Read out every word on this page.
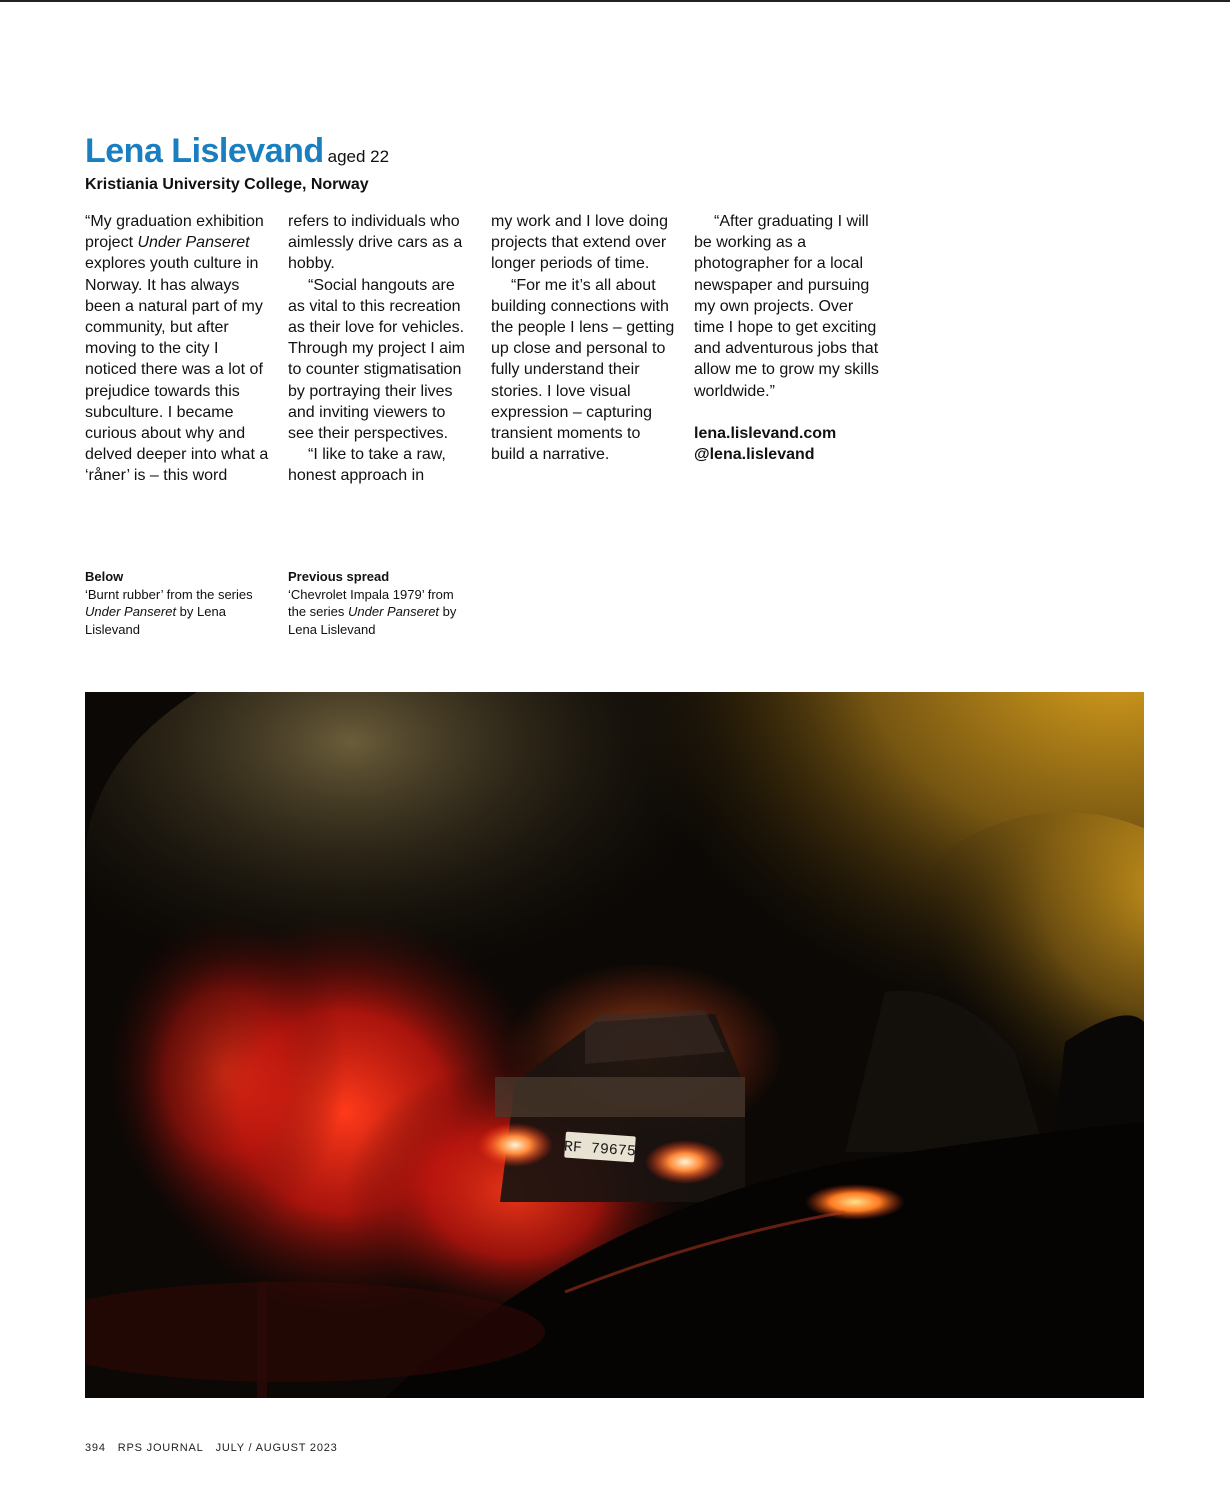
Lena Lislevand aged 22
Kristiania University College, Norway

“My graduation exhibition project Under Panseret explores youth culture in Norway. It has always been a natural part of my community, but after moving to the city I noticed there was a lot of prejudice towards this subculture. I became curious about why and delved deeper into what a ‘råner’ is – this word

refers to individuals who aimlessly drive cars as a hobby.

“Social hangouts are as vital to this recreation as their love for vehicles. Through my project I aim to counter stigmatisation by portraying their lives and inviting viewers to see their perspectives.

“I like to take a raw, honest approach in

my work and I love doing projects that extend over longer periods of time.

“For me it’s all about building connections with the people I lens – getting up close and personal to fully understand their stories. I love visual expression – capturing transient moments to build a narrative.

“After graduating I will be working as a photographer for a local newspaper and pursuing my own projects. Over time I hope to get exciting and adventurous jobs that allow me to grow my skills worldwide.”

lena.lislevand.com

@lena.lislevand

Below
‘Burnt rubber’ from the series Under Panseret by Lena Lislevand
Previous spread
‘Chevrolet Impala 1979’ from the series Under Panseret by Lena Lislevand
RF 79675
394 RPS JOURNAL JULY / AUGUST 2023
